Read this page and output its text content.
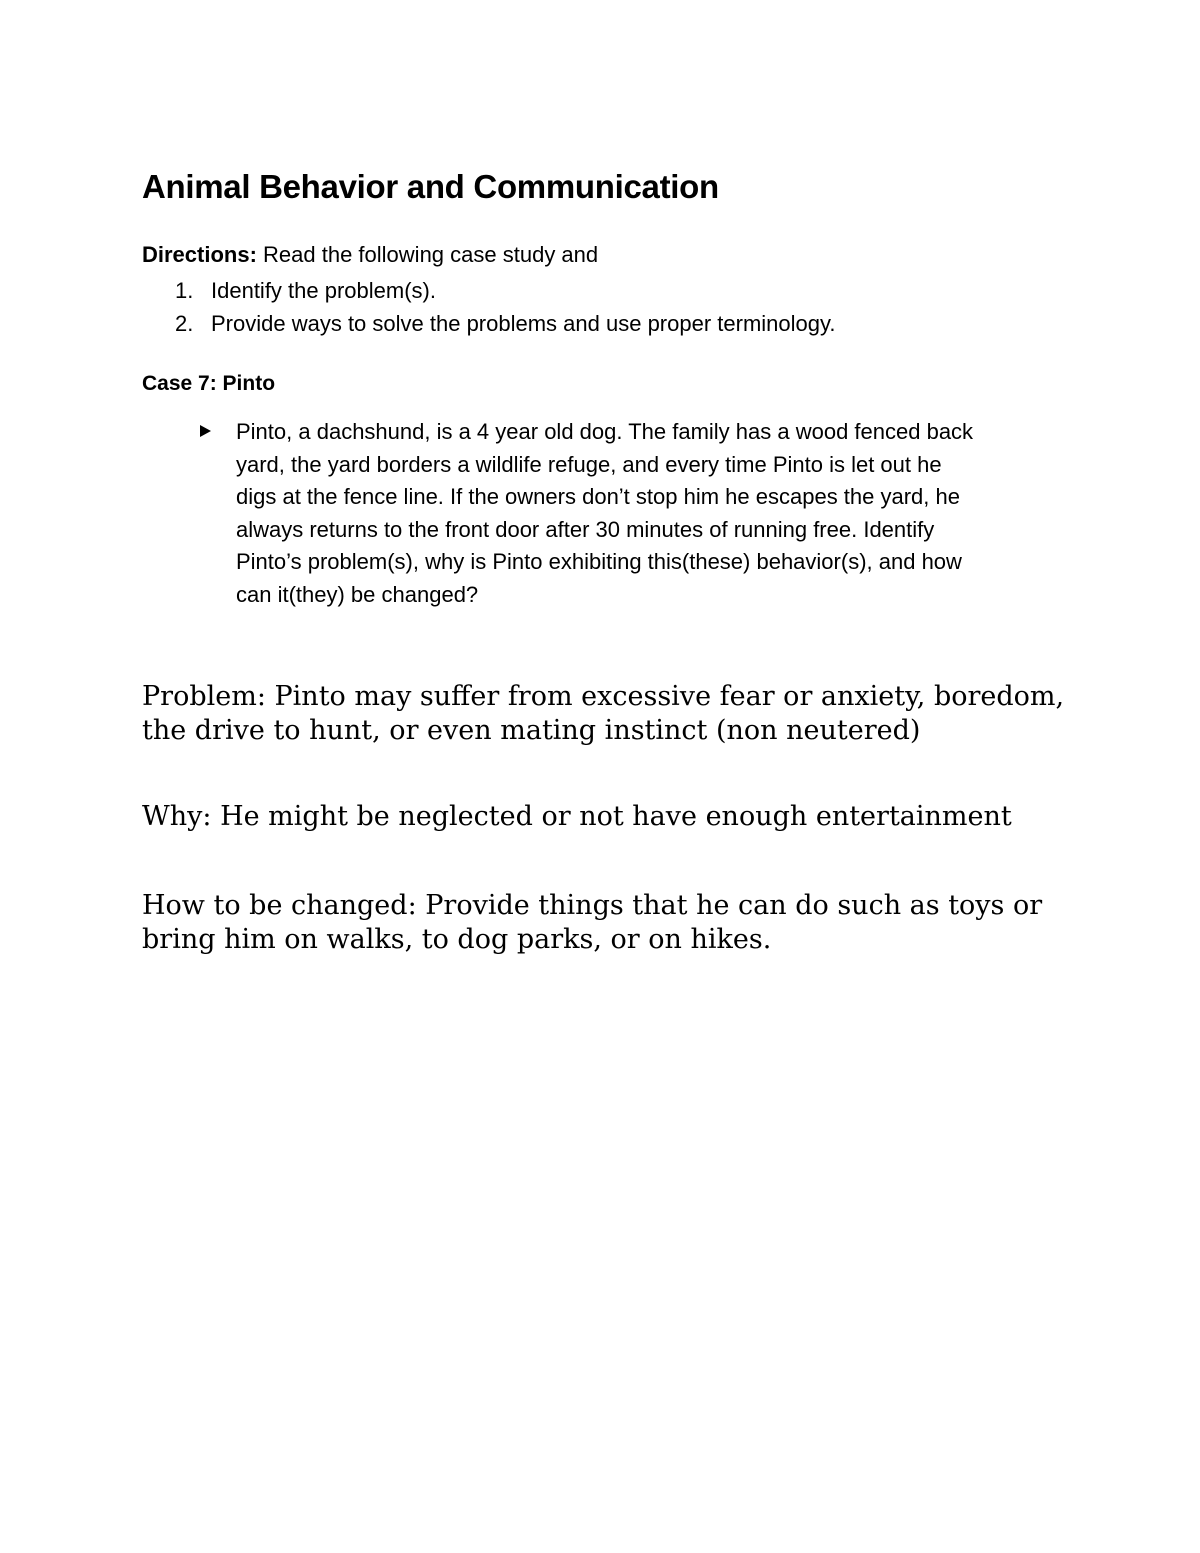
Animal Behavior and Communication
Directions: Read the following case study and
1. Identify the problem(s).
2. Provide ways to solve the problems and use proper terminology.
Case 7: Pinto
Pinto, a dachshund, is a 4 year old dog. The family has a wood fenced back
yard, the yard borders a wildlife refuge, and every time Pinto is let out he
digs at the fence line. If the owners don’t stop him he escapes the yard, he
always returns to the front door after 30 minutes of running free. Identify
Pinto’s problem(s), why is Pinto exhibiting this(these) behavior(s), and how
can it(they) be changed?
Problem: Pinto may suffer from excessive fear or anxiety, boredom,
the drive to hunt, or even mating instinct (non neutered)
Why: He might be neglected or not have enough entertainment
How to be changed: Provide things that he can do such as toys or
bring him on walks, to dog parks, or on hikes.
